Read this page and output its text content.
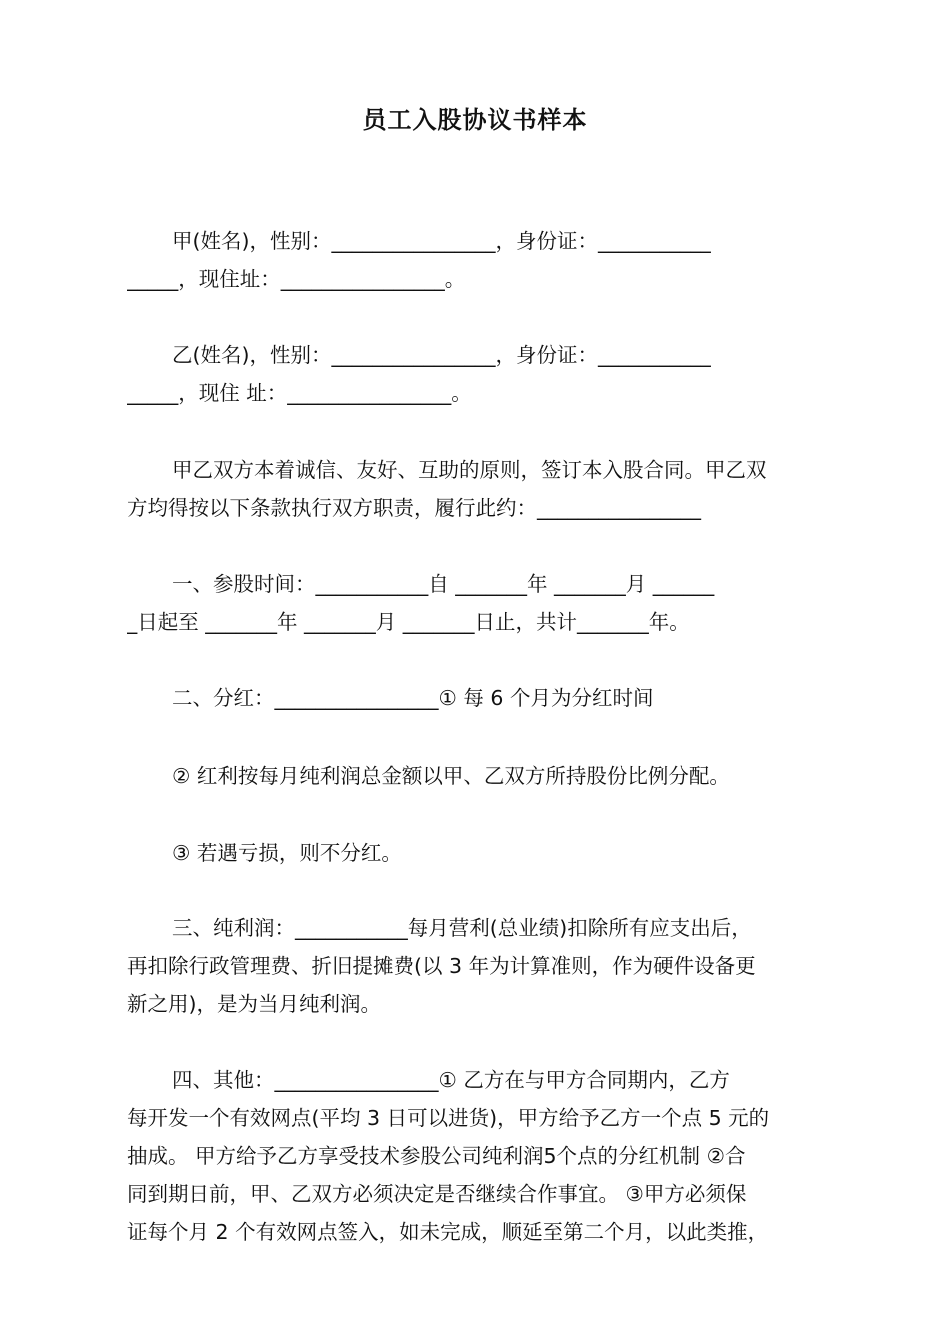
员工入股协议书样本
甲(姓名)，性别：________________，身份证：___________
_____，现住址：________________。
乙(姓名)，性别：________________，身份证：___________
_____，现住 址：________________。
甲乙双方本着诚信、友好、互助的原则，签订本入股合同。甲乙双
方均得按以下条款执行双方职责，履行此约：________________
一、参股时间：___________自 _______年 _______月 ______
_日起至 _______年 _______月 _______日止，共计_______年。
二、分红：________________① 每 6 个月为分红时间
② 红利按每月纯利润总金额以甲、乙双方所持股份比例分配。
③ 若遇亏损，则不分红。
三、纯利润：___________每月营利(总业绩)扣除所有应支出后，
再扣除行政管理费、折旧提摊费(以 3 年为计算准则，作为硬件设备更
新之用)，是为当月纯利润。
四、其他：________________① 乙方在与甲方合同期内，乙方
每开发一个有效网点(平均 3 日可以进货)，甲方给予乙方一个点 5 元的
抽成。 甲方给予乙方享受技术参股公司纯利润5个点的分红机制 ②合
同到期日前，甲、乙双方必须决定是否继续合作事宜。 ③甲方必须保
证每个月 2 个有效网点签入，如未完成，顺延至第二个月，以此类推，
